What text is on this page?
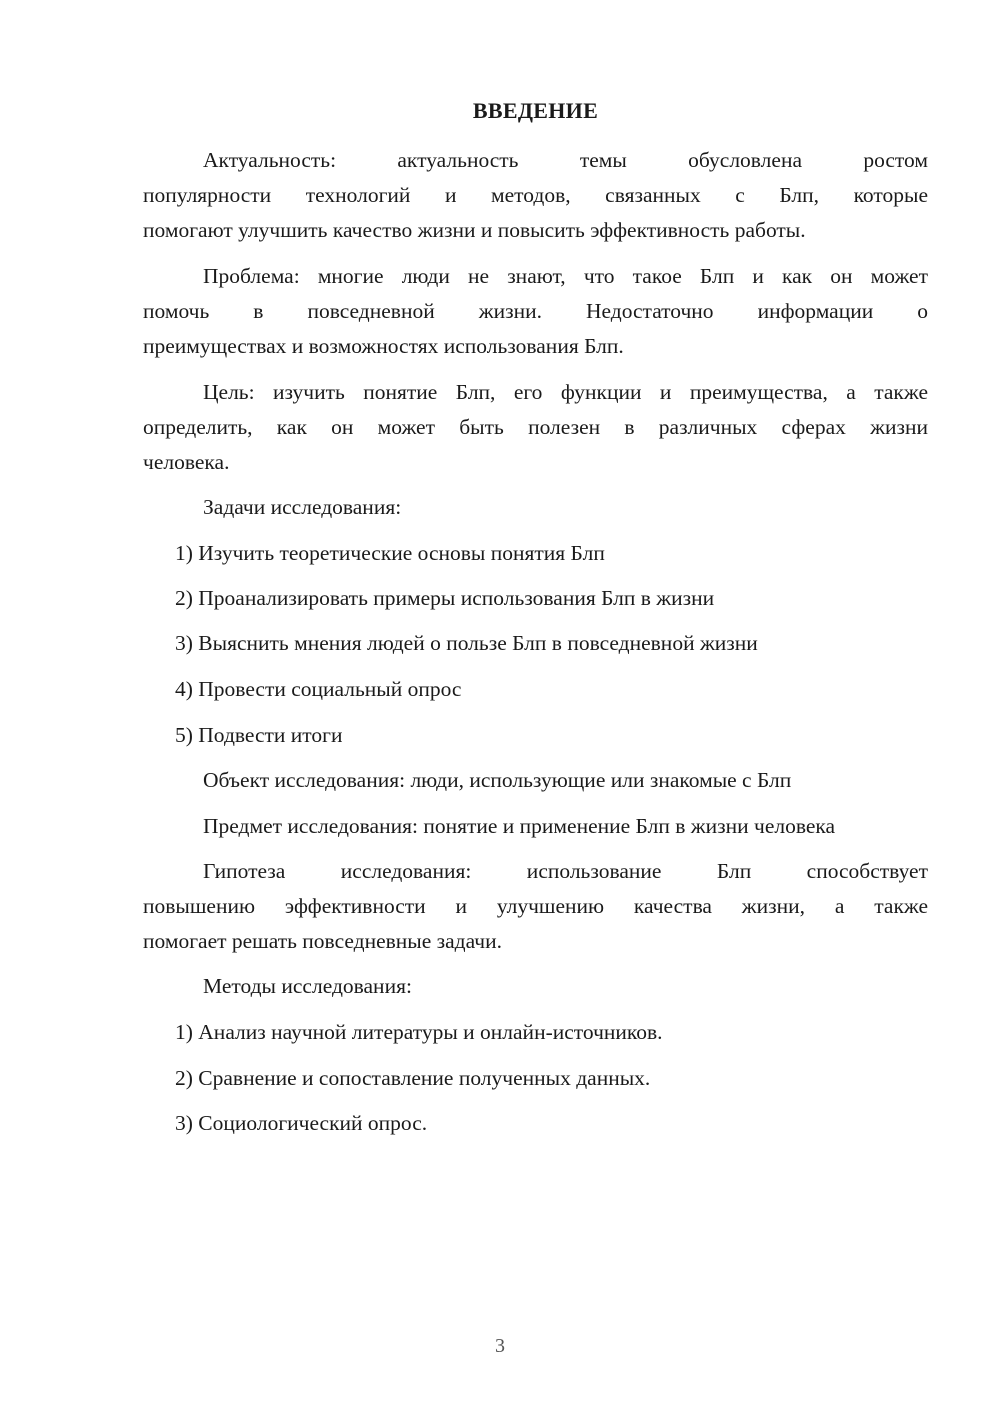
ВВЕДЕНИЕ
Актуальность: актуальность темы обусловлена ростом
популярности технологий и методов, связанных с Блп, которые
помогают улучшить качество жизни и повысить эффективность работы.
Проблема: многие люди не знают, что такое Блп и как он может
помочь в повседневной жизни. Недостаточно информации о
преимуществах и возможностях использования Блп.
Цель: изучить понятие Блп, его функции и преимущества, а также
определить, как он может быть полезен в различных сферах жизни
человека.
Задачи исследования:
1) Изучить теоретические основы понятия Блп
2) Проанализировать примеры использования Блп в жизни
3) Выяснить мнения людей о пользе Блп в повседневной жизни
4) Провести социальный опрос
5) Подвести итоги
Объект исследования: люди, использующие или знакомые с Блп
Предмет исследования: понятие и применение Блп в жизни человека
Гипотеза исследования: использование Блп способствует
повышению эффективности и улучшению качества жизни, а также
помогает решать повседневные задачи.
Методы исследования:
1) Анализ научной литературы и онлайн-источников.
2) Сравнение и сопоставление полученных данных.
3) Социологический опрос.
3
